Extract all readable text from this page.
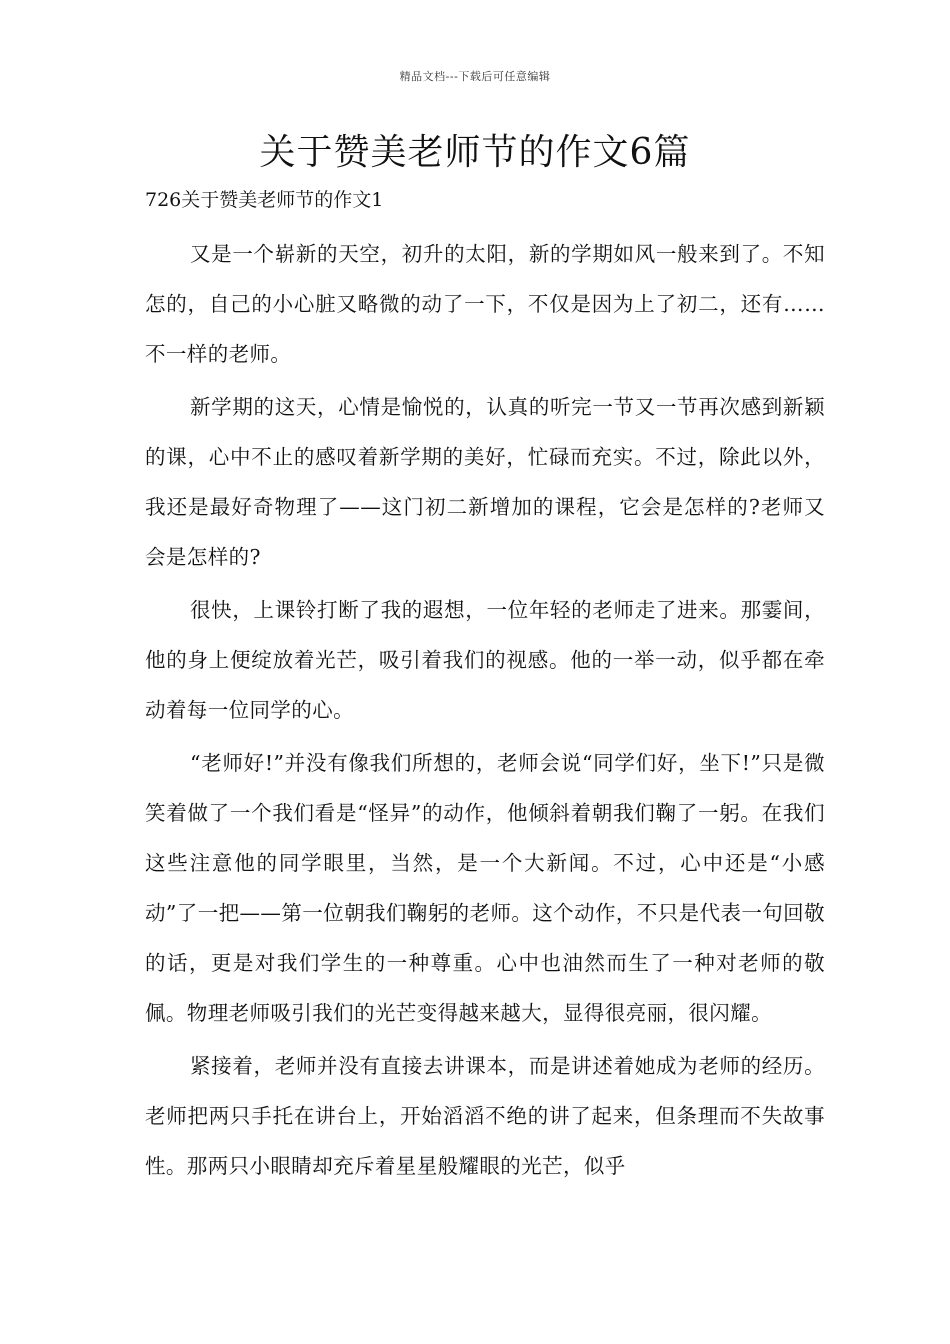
精品文档---下载后可任意编辑
关于赞美老师节的作文6篇
726关于赞美老师节的作文1

又是一个崭新的天空，初升的太阳，新的学期如风一般来到了。不知怎的，自己的小心脏又略微的动了一下，不仅是因为上了初二，还有……不一样的老师。

新学期的这天，心情是愉悦的，认真的听完一节又一节再次感到新颖的课，心中不止的感叹着新学期的美好，忙碌而充实。不过，除此以外，我还是最好奇物理了——这门初二新增加的课程，它会是怎样的?老师又会是怎样的?

很快，上课铃打断了我的遐想，一位年轻的老师走了进来。那霎间，他的身上便绽放着光芒，吸引着我们的视感。他的一举一动，似乎都在牵动着每一位同学的心。

“老师好!”并没有像我们所想的，老师会说“同学们好，坐下!”只是微笑着做了一个我们看是“怪异”的动作，他倾斜着朝我们鞠了一躬。在我们这些注意他的同学眼里，当然，是一个大新闻。不过，心中还是“小感动”了一把——第一位朝我们鞠躬的老师。这个动作，不只是代表一句回敬的话，更是对我们学生的一种尊重。心中也油然而生了一种对老师的敬佩。物理老师吸引我们的光芒变得越来越大，显得很亮丽，很闪耀。

紧接着，老师并没有直接去讲课本，而是讲述着她成为老师的经历。老师把两只手托在讲台上，开始滔滔不绝的讲了起来，但条理而不失故事性。那两只小眼睛却充斥着星星般耀眼的光芒，似乎
